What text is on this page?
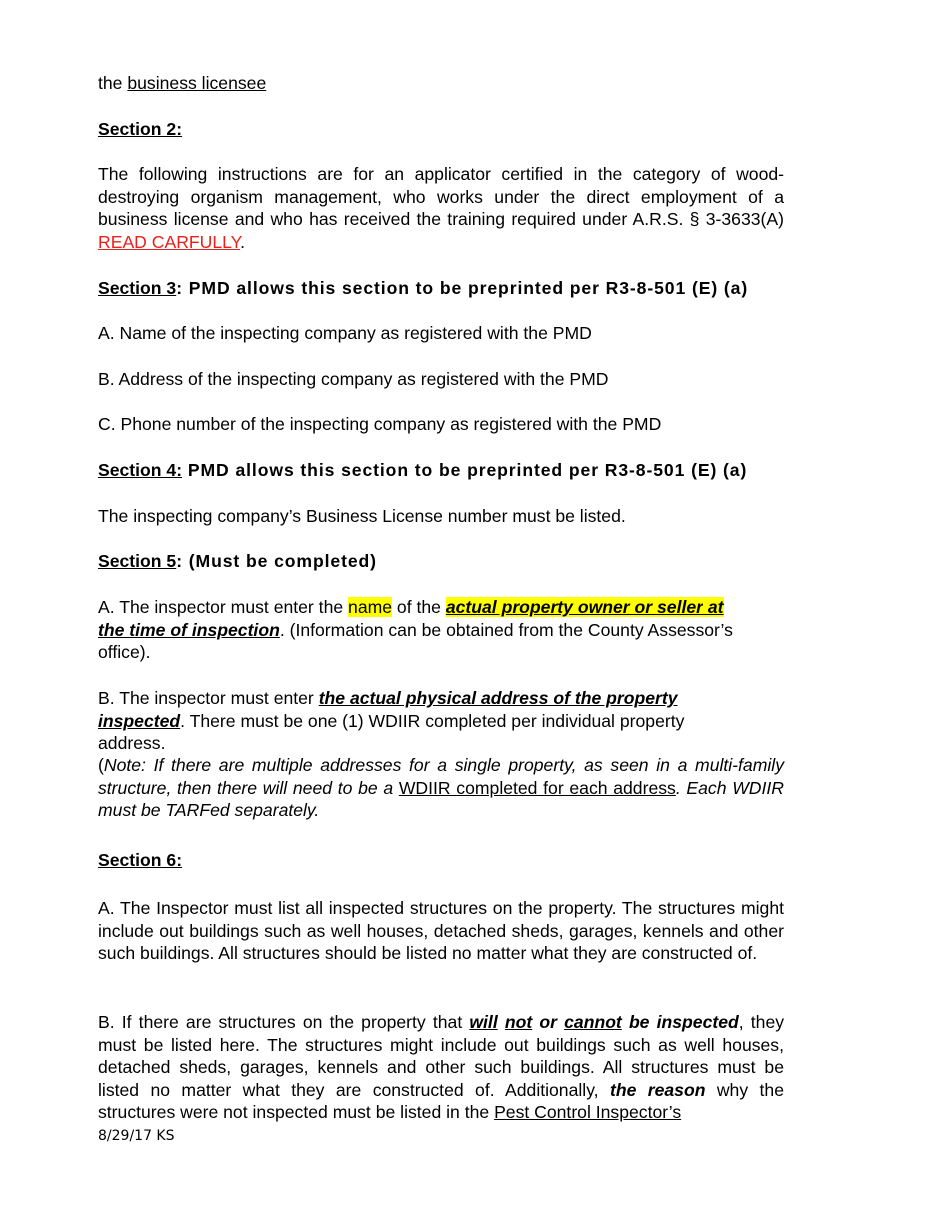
the business licensee
Section 2:
The following instructions are for an applicator certified in the category of wood-destroying organism management, who works under the direct employment of a business license and who has received the training required under A.R.S. § 3-3633(A) READ CARFULLY.
Section 3: PMD allows this section to be preprinted per R3-8-501 (E) (a)
A. Name of the inspecting company as registered with the PMD
B. Address of the inspecting company as registered with the PMD
C. Phone number of the inspecting company as registered with the PMD
Section 4: PMD allows this section to be preprinted per R3-8-501 (E) (a)
The inspecting company’s Business License number must be listed.
Section 5: (Must be completed)
A. The inspector must enter the name of the actual property owner or seller at
the time of inspection. (Information can be obtained from the County Assessor’s office).
B. The inspector must enter the actual physical address of the property
inspected. There must be one (1) WDIIR completed per individual property
address.
(Note: If there are multiple addresses for a single property, as seen in a multi-family structure, then there will need to be a WDIIR completed for each address. Each WDIIR must be TARFed separately.
Section 6:
A. The Inspector must list all inspected structures on the property. The structures might include out buildings such as well houses, detached sheds, garages, kennels and other such buildings. All structures should be listed no matter what they are constructed of.
B. If there are structures on the property that will not or cannot be inspected, they must be listed here. The structures might include out buildings such as well houses, detached sheds, garages, kennels and other such buildings. All structures must be listed no matter what they are constructed of. Additionally, the reason why the structures were not inspected must be listed in the Pest Control Inspector’s
8/29/17 KS
